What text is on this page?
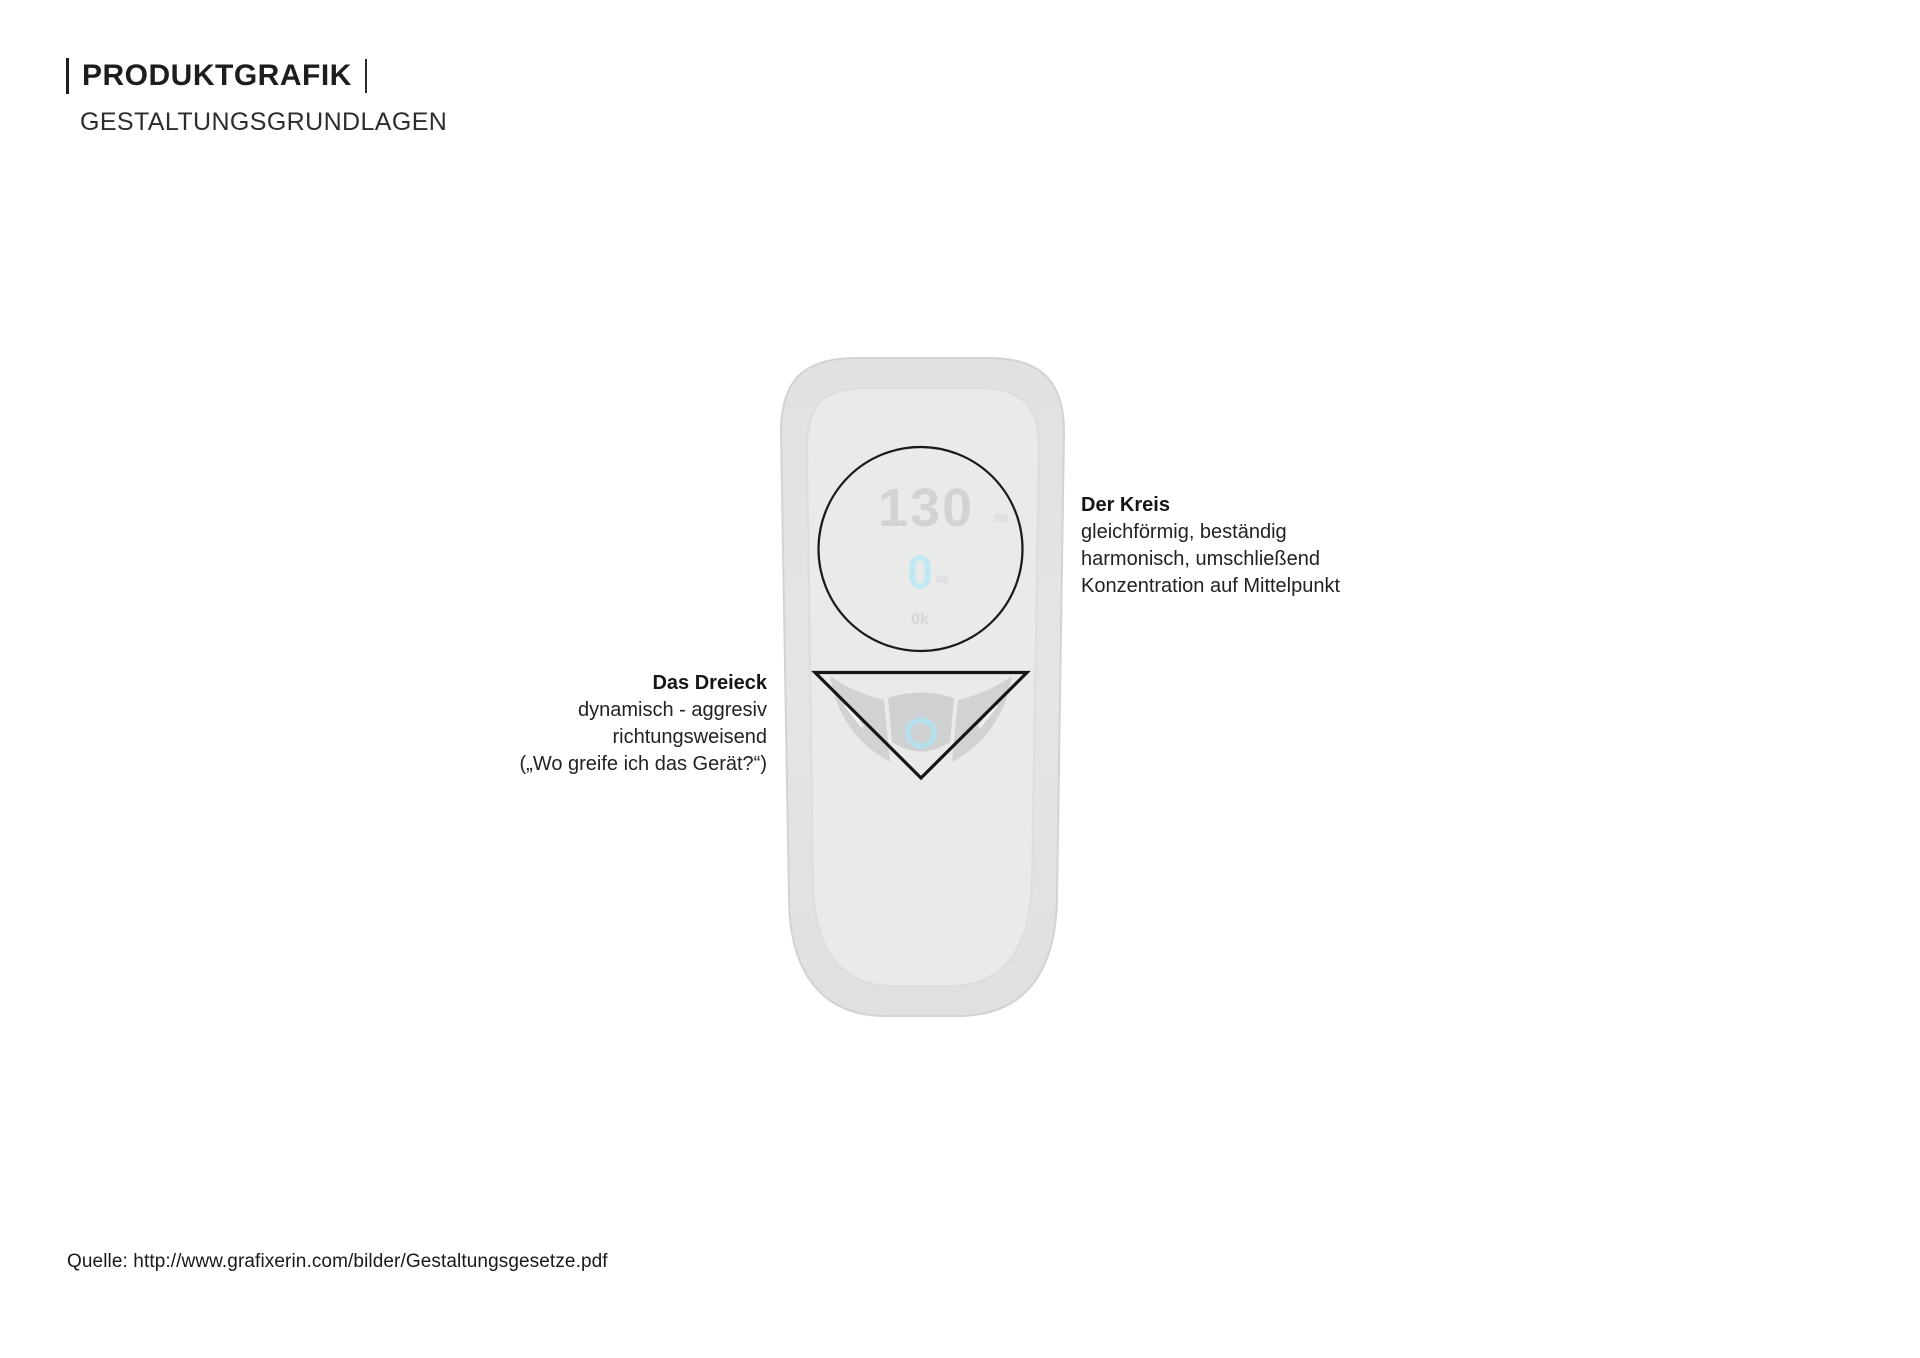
PRODUKTGRAFIK
GESTALTUNGSGRUNDLAGEN
130
0
0k
Der Kreis
gleichförmig, beständig
harmonisch, umschließend
Konzentration auf Mittelpunkt
Das Dreieck
dynamisch - aggresiv
richtungsweisend
(„Wo greife ich das Gerät?“)
Quelle: http://www.grafixerin.com/bilder/Gestaltungsgesetze.pdf
